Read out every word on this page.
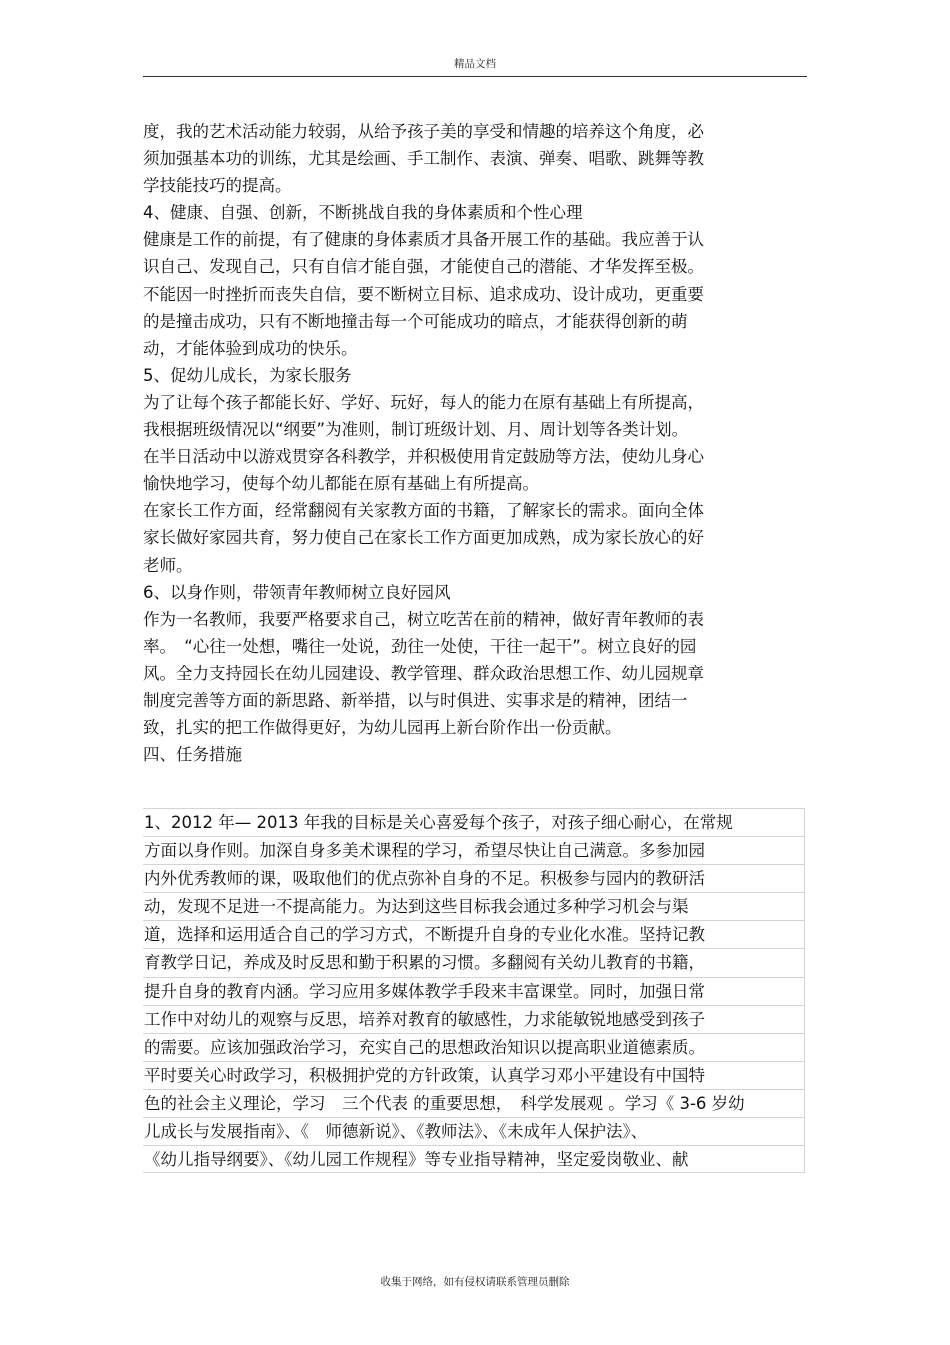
精品文档
度，我的艺术活动能力较弱，从给予孩子美的享受和情趣的培养这个角度，必
须加强基本功的训练，尤其是绘画、手工制作、表演、弹奏、唱歌、跳舞等教
学技能技巧的提高。
4、健康、自强、创新，不断挑战自我的身体素质和个性心理
健康是工作的前提，有了健康的身体素质才具备开展工作的基础。我应善于认
识自己、发现自己，只有自信才能自强，才能使自己的潜能、才华发挥至极。
不能因一时挫折而丧失自信，要不断树立目标、追求成功、设计成功，更重要
的是撞击成功，只有不断地撞击每一个可能成功的暗点，才能获得创新的萌
动，才能体验到成功的快乐。
5、促幼儿成长，为家长服务
为了让每个孩子都能长好、学好、玩好，每人的能力在原有基础上有所提高，
我根据班级情况以“纲要”为准则，制订班级计划、月、周计划等各类计划。
在半日活动中以游戏贯穿各科教学，并积极使用肯定鼓励等方法，使幼儿身心
愉快地学习，使每个幼儿都能在原有基础上有所提高。
在家长工作方面，经常翻阅有关家教方面的书籍，了解家长的需求。面向全体
家长做好家园共育，努力使自己在家长工作方面更加成熟，成为家长放心的好
老师。
6、以身作则，带领青年教师树立良好园风
作为一名教师，我要严格要求自己，树立吃苦在前的精神，做好青年教师的表
率。　“心往一处想，嘴往一处说，劲往一处使，干往一起干”。树立良好的园
风。全力支持园长在幼儿园建设、教学管理、群众政治思想工作、幼儿园规章
制度完善等方面的新思路、新举措，以与时俱进、实事求是的精神，团结一
致，扎实的把工作做得更好，为幼儿园再上新台阶作出一份贡献。
四、任务措施
1、2012 年— 2013 年我的目标是关心喜爱每个孩子，对孩子细心耐心，在常规
方面以身作则。加深自身多美术课程的学习，希望尽快让自己满意。多参加园
内外优秀教师的课，吸取他们的优点弥补自身的不足。积极参与园内的教研活
动，发现不足进一不提高能力。为达到这些目标我会通过多种学习机会与渠
道，选择和运用适合自己的学习方式，不断提升自身的专业化水准。坚持记教
育教学日记，养成及时反思和勤于积累的习惯。多翻阅有关幼儿教育的书籍，
提升自身的教育内涵。学习应用多媒体教学手段来丰富课堂。同时，加强日常
工作中对幼儿的观察与反思，培养对教育的敏感性，力求能敏锐地感受到孩子
的需要。应该加强政治学习，充实自己的思想政治知识以提高职业道德素质。
平时要关心时政学习，积极拥护党的方针政策，认真学习邓小平建设有中国特
色的社会主义理论，学习　三个代表 的重要思想，　科学发展观 。学习《 3-6 岁幼
儿成长与发展指南》、《　师德新说》、《教师法》、《未成年人保护法》、
《幼儿指导纲要》、《幼儿园工作规程》等专业指导精神，坚定爱岗敬业、献
收集于网络，如有侵权请联系管理员删除
